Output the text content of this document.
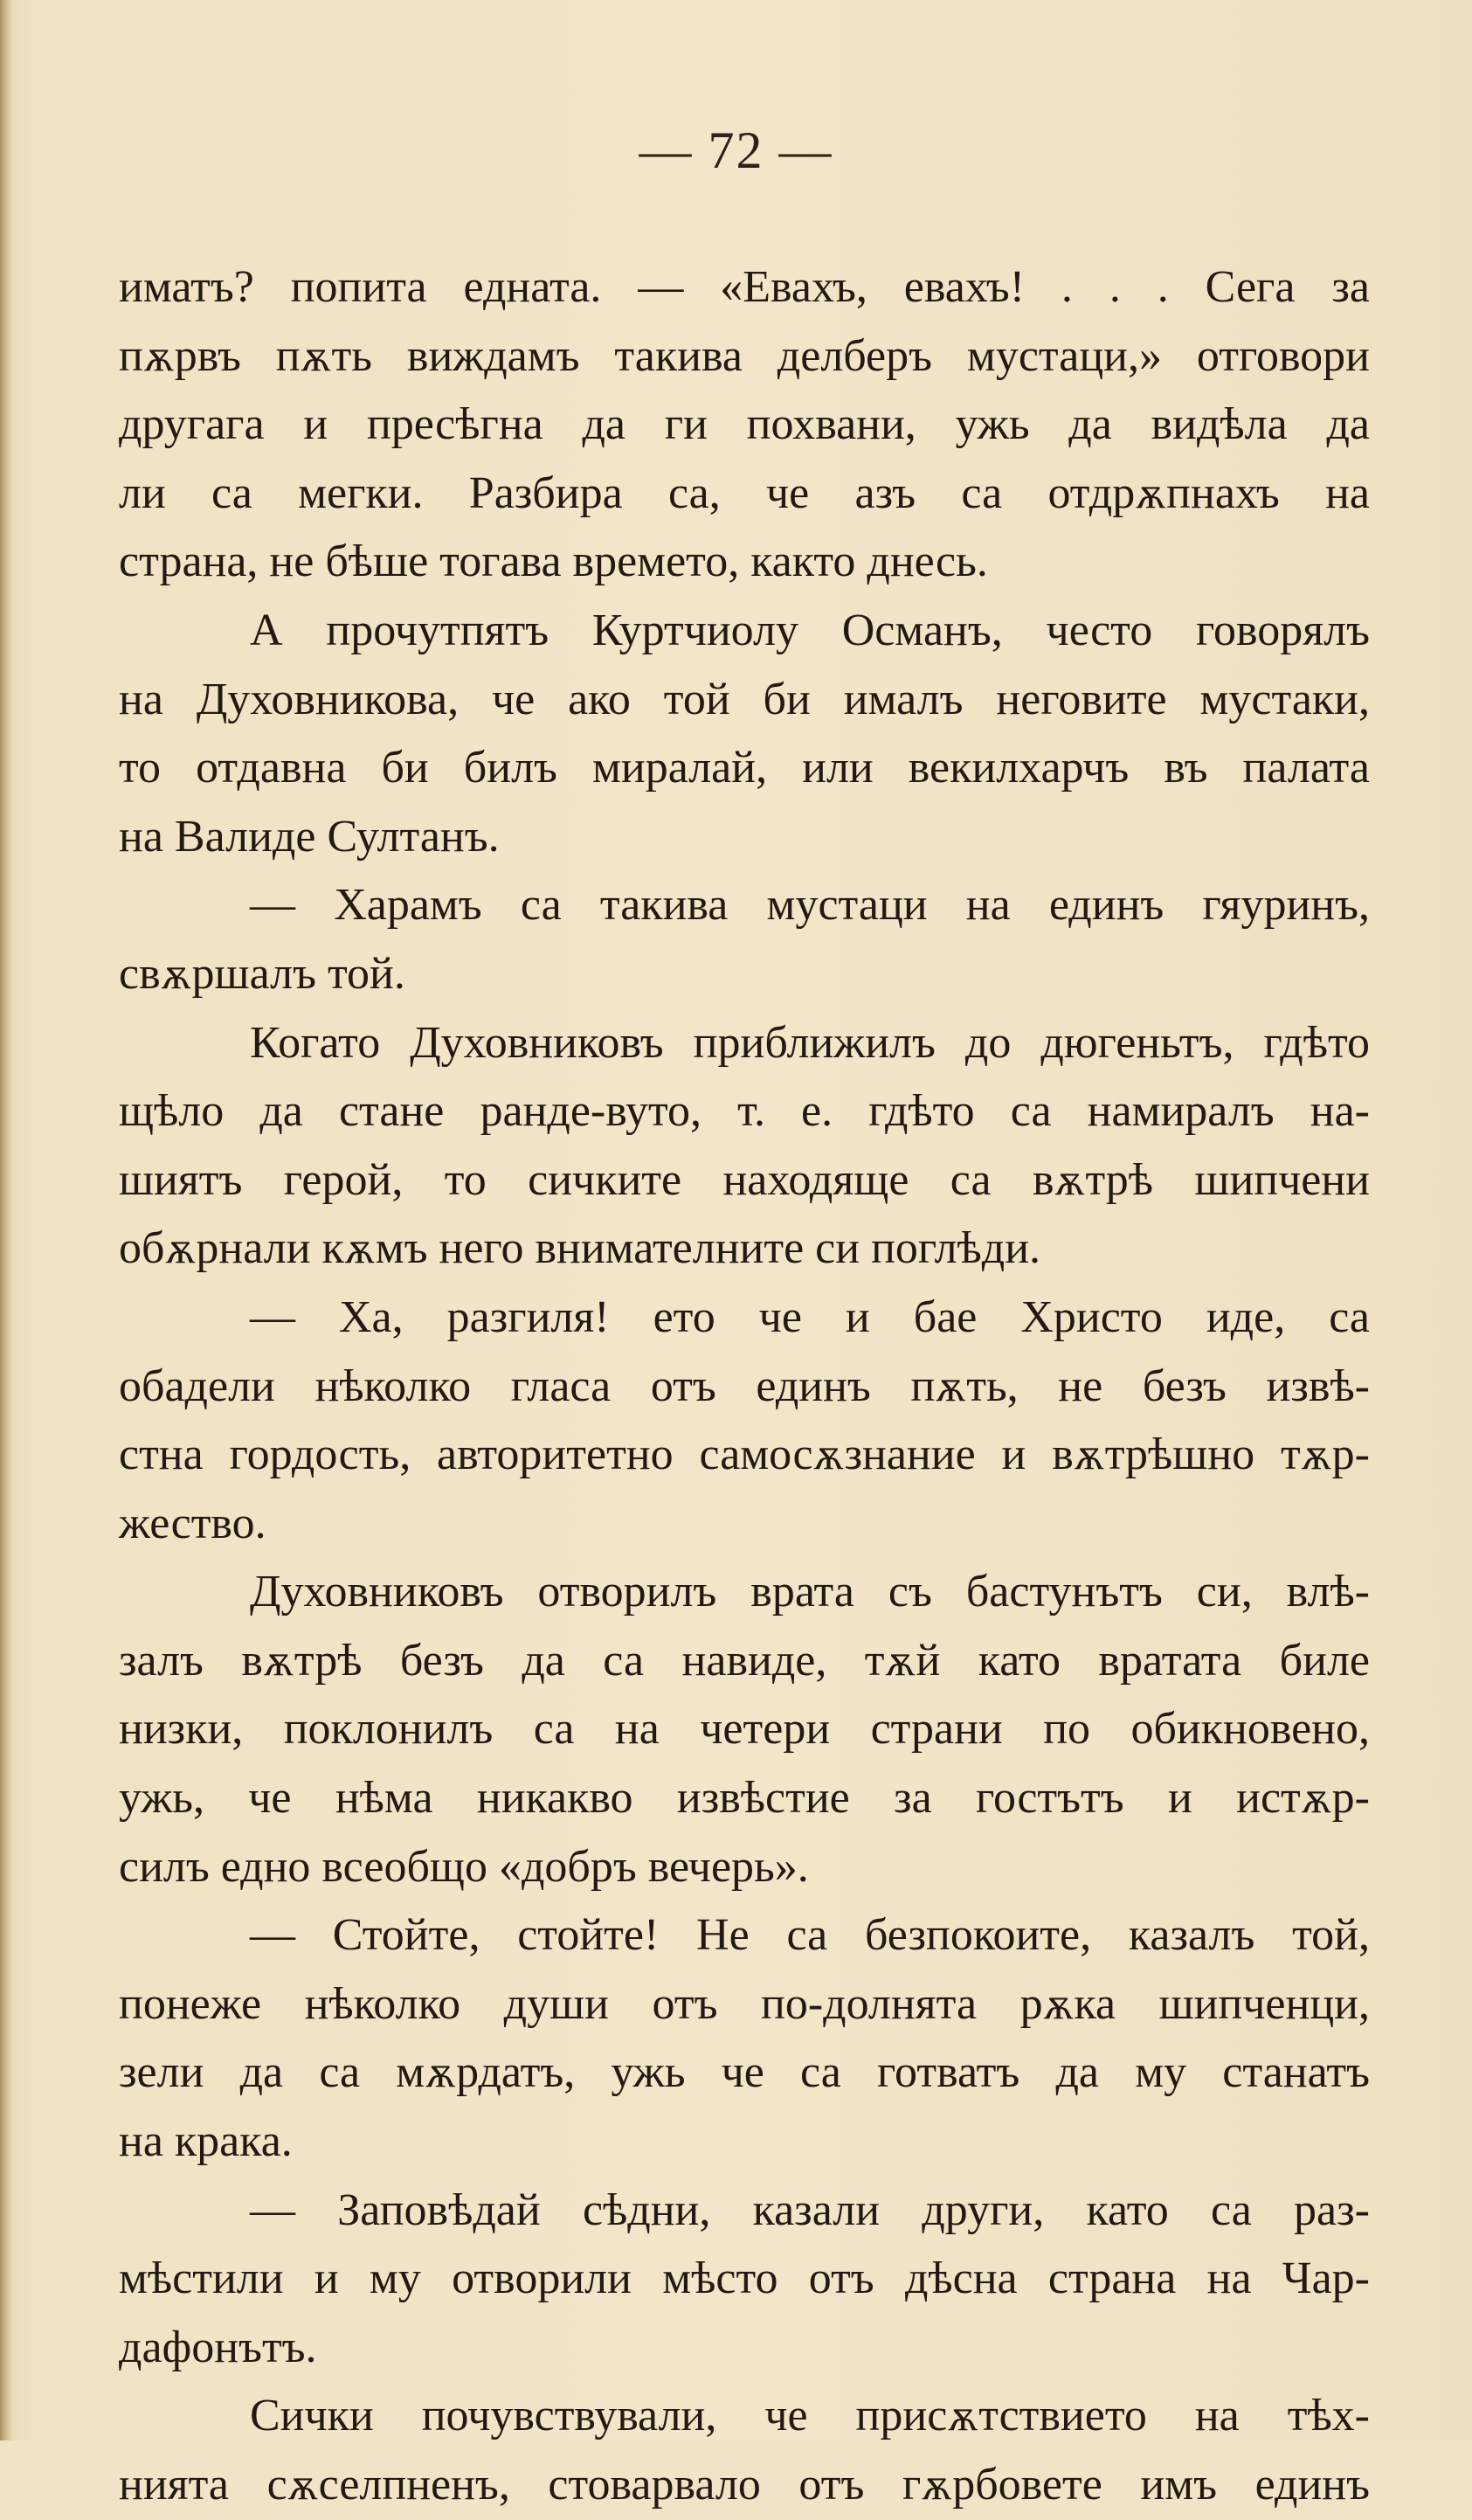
— 72 —
иматъ? попита едната. — «Евахъ, евахъ! . . . Сега за
пѫрвъ пѫть виждамъ такива делберъ мустаци,» отговори
другага и пресѣгна да ги похвани, ужь да видѣла да
ли са мегки. Разбира са, че азъ са отдрѫпнахъ на
страна, не бѣше тогава времето, както днесь.
А прочутпятъ Куртчиолу Османъ, често говорялъ
на Духовникова, че ако той би ималъ неговите мустаки,
то отдавна би билъ миралай, или векилхарчъ въ палата
на Валиде Султанъ.
— Харамъ са такива мустаци на единъ гяуринъ,
свѫршалъ той.
Когато Духовниковъ приближилъ до дюгеньтъ, гдѣто
щѣло да стане ранде-вуто, т. е. гдѣто са намиралъ на-
шиятъ герой, то сичките находяще са вѫтрѣ шипчени
обѫрнали кѫмъ него внимателните си поглѣди.
— Ха, разгиля! ето че и бае Христо иде, са
обадели нѣколко гласа отъ единъ пѫть, не безъ извѣ-
стна гордость, авторитетно самосѫзнание и вѫтрѣшно тѫр-
жество.
Духовниковъ отворилъ врата съ бастунътъ си, влѣ-
залъ вѫтрѣ безъ да са навиде, тѫй като вратата биле
низки, поклонилъ са на четери страни по обикновено,
ужь, че нѣма никакво извѣстие за гостътъ и истѫр-
силъ едно всеобщо «добръ вечерь».
— Стойте, стойте! Не са безпокоите, казалъ той,
понеже нѣколко души отъ по-долнята рѫка шипченци,
зели да са мѫрдатъ, ужь че са готватъ да му станатъ
на крака.
— Заповѣдай сѣдни, казали други, като са раз-
мѣстили и му отворили мѣсто отъ дѣсна страна на Чар-
дафонътъ.
Сички почувствували, че присѫтствието на тѣх-
нията сѫселпненъ, стоварвало отъ гѫрбовете имъ единъ
